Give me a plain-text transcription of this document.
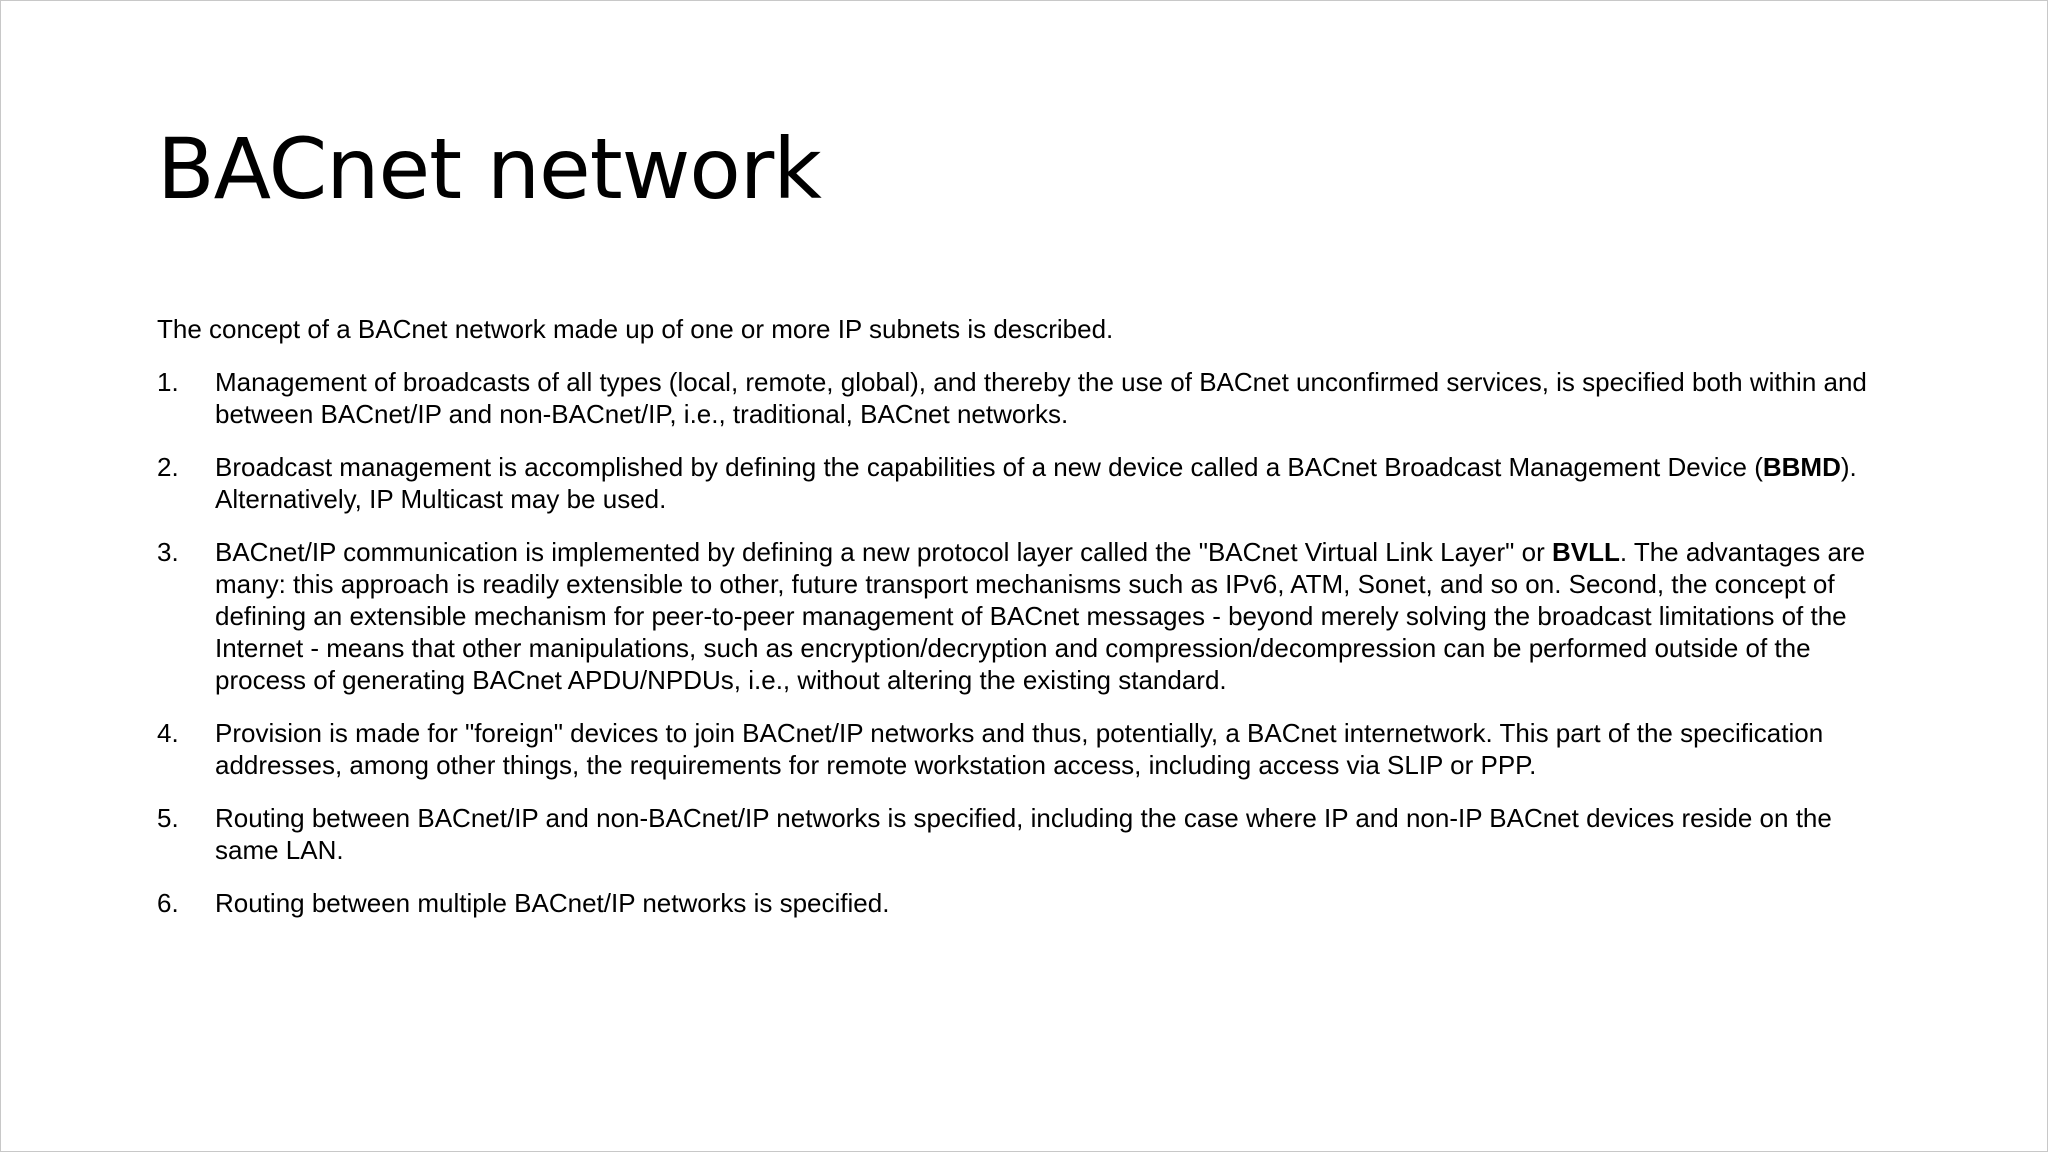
BACnet network

The concept of a BACnet network made up of one or more IP subnets is described.

1.	Management of broadcasts of all types (local, remote, global), and thereby the use of BACnet unconfirmed services, is specified both within and between BACnet/IP and non-BACnet/IP, i.e., traditional, BACnet networks.
2.	Broadcast management is accomplished by defining the capabilities of a new device called a BACnet Broadcast Management Device (BBMD). Alternatively, IP Multicast may be used.
3.	BACnet/IP communication is implemented by defining a new protocol layer called the "BACnet Virtual Link Layer" or BVLL. The advantages are many: this approach is readily extensible to other, future transport mechanisms such as IPv6, ATM, Sonet, and so on. Second, the concept of defining an extensible mechanism for peer-to-peer management of BACnet messages - beyond merely solving the broadcast limitations of the Internet - means that other manipulations, such as encryption/decryption and compression/decompression can be performed outside of the process of generating BACnet APDU/NPDUs, i.e., without altering the existing standard.
4.	Provision is made for "foreign" devices to join BACnet/IP networks and thus, potentially, a BACnet internetwork. This part of the specification addresses, among other things, the requirements for remote workstation access, including access via SLIP or PPP.
5.	Routing between BACnet/IP and non-BACnet/IP networks is specified, including the case where IP and non-IP BACnet devices reside on the same LAN.
6.	Routing between multiple BACnet/IP networks is specified.
